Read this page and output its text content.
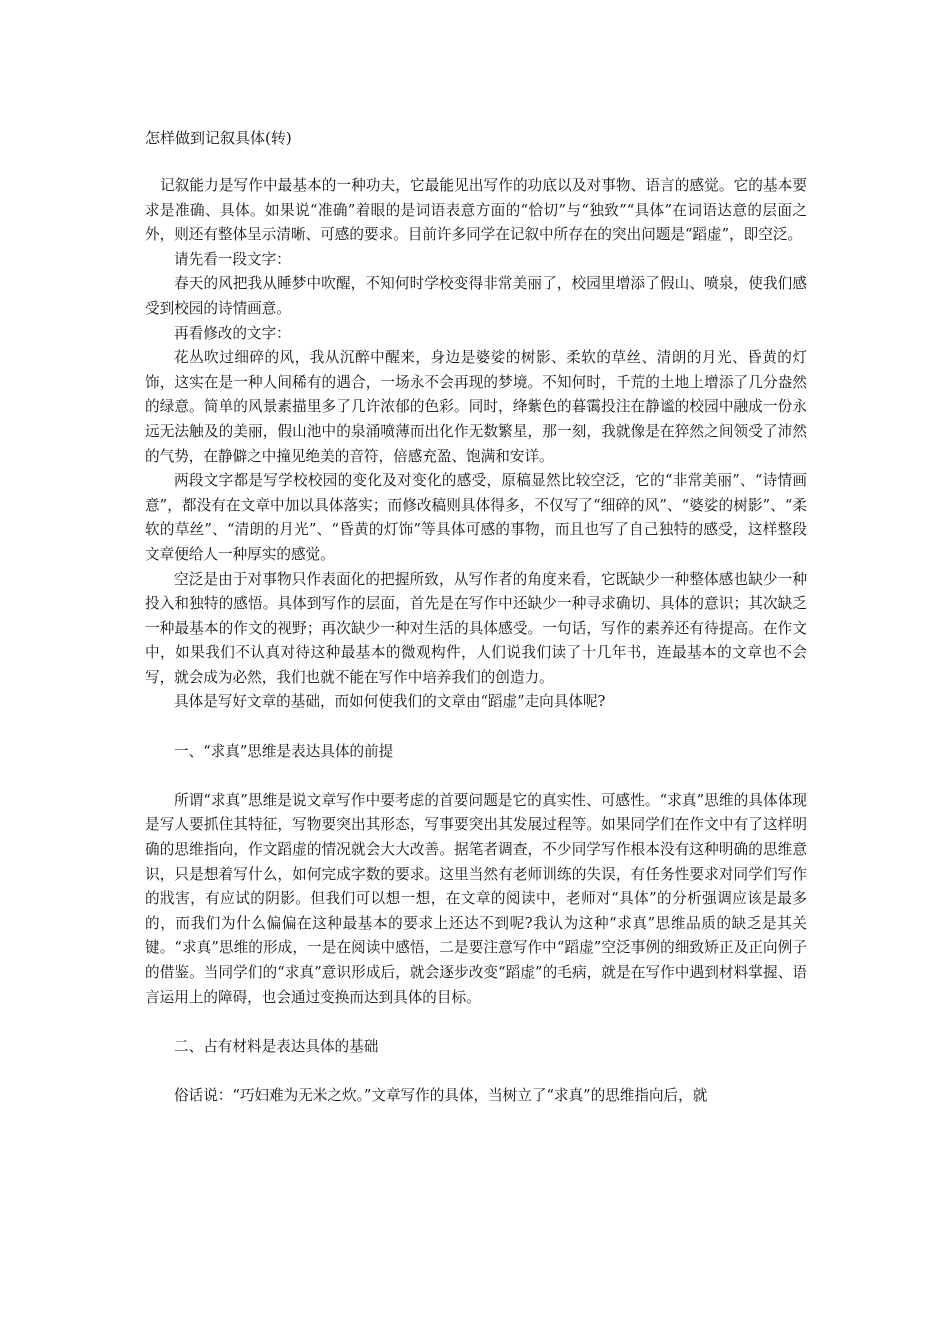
怎样做到记叙具体(转)

记叙能力是写作中最基本的一种功夫，它最能见出写作的功底以及对事物、语言的感觉。它的基本要求是准确、具体。如果说“准确”着眼的是词语表意方面的“恰切”与“独致”“具体”在词语达意的层面之外，则还有整体呈示清晰、可感的要求。目前许多同学在记叙中所存在的突出问题是“蹈虚”，即空泛。

请先看一段文字：

春天的风把我从睡梦中吹醒，不知何时学校变得非常美丽了，校园里增添了假山、喷泉，使我们感受到校园的诗情画意。

再看修改的文字：

花丛吹过细碎的风，我从沉醉中醒来，身边是婆娑的树影、柔软的草丝、清朗的月光、昏黄的灯饰，这实在是一种人间稀有的遇合，一场永不会再现的梦境。不知何时，千荒的土地上增添了几分盎然的绿意。简单的风景素描里多了几许浓郁的色彩。同时，绛紫色的暮霭投注在静谧的校园中融成一份永远无法触及的美丽，假山池中的泉涌喷薄而出化作无数繁星，那一刻，我就像是在猝然之间领受了沛然的气势，在静僻之中撞见绝美的音符，倍感充盈、饱满和安详。

两段文字都是写学校校园的变化及对变化的感受，原稿显然比较空泛，它的“非常美丽”、“诗情画意”，都没有在文章中加以具体落实；而修改稿则具体得多，不仅写了“细碎的风”、“婆娑的树影”、“柔软的草丝”、“清朗的月光”、“昏黄的灯饰”等具体可感的事物，而且也写了自己独特的感受，这样整段文章便给人一种厚实的感觉。

空泛是由于对事物只作表面化的把握所致，从写作者的角度来看，它既缺少一种整体感也缺少一种投入和独特的感悟。具体到写作的层面，首先是在写作中还缺少一种寻求确切、具体的意识；其次缺乏一种最基本的作文的视野；再次缺少一种对生活的具体感受。一句话，写作的素养还有待提高。在作文中，如果我们不认真对待这种最基本的微观构件，人们说我们读了十几年书，连最基本的文章也不会写，就会成为必然，我们也就不能在写作中培养我们的创造力。

具体是写好文章的基础，而如何使我们的文章由“蹈虚”走向具体呢?

一、“求真”思维是表达具体的前提

所谓“求真”思维是说文章写作中要考虑的首要问题是它的真实性、可感性。“求真”思维的具体体现是写人要抓住其特征，写物要突出其形态，写事要突出其发展过程等。如果同学们在作文中有了这样明确的思维指向，作文蹈虚的情况就会大大改善。据笔者调查，不少同学写作根本没有这种明确的思维意识，只是想着写什么，如何完成字数的要求。这里当然有老师训练的失误，有任务性要求对同学们写作的戕害，有应试的阴影。但我们可以想一想，在文章的阅读中，老师对“具体”的分析强调应该是最多的，而我们为什么偏偏在这种最基本的要求上还达不到呢?我认为这种“求真”思维品质的缺乏是其关键。“求真”思维的形成，一是在阅读中感悟，二是要注意写作中“蹈虚”空泛事例的细致矫正及正向例子的借鉴。当同学们的“求真”意识形成后，就会逐步改变“蹈虚”的毛病，就是在写作中遇到材料掌握、语言运用上的障碍，也会通过变换而达到具体的目标。

二、占有材料是表达具体的基础

俗话说：“巧妇难为无米之炊。”文章写作的具体，当树立了“求真”的思维指向后，就
